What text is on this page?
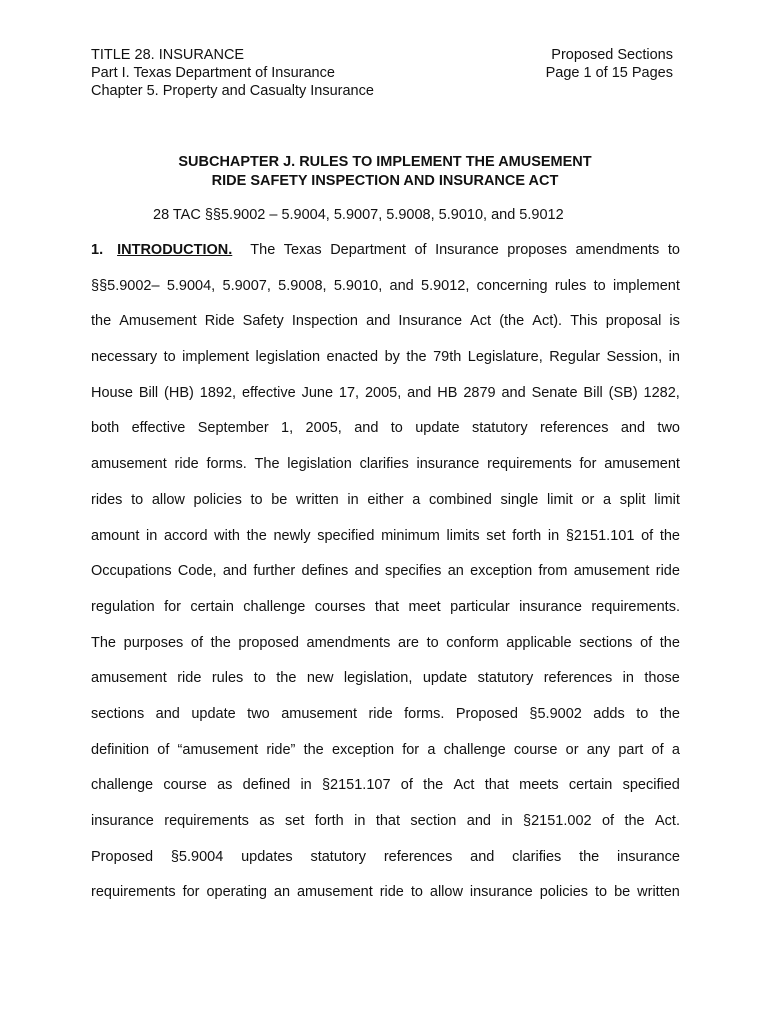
TITLE 28. INSURANCE
Part I. Texas Department of Insurance
Chapter 5. Property and Casualty Insurance
Proposed Sections
Page 1 of 15 Pages
SUBCHAPTER J. RULES TO IMPLEMENT THE AMUSEMENT
RIDE SAFETY INSPECTION AND INSURANCE ACT
28 TAC §§5.9002 – 5.9004, 5.9007, 5.9008, 5.9010, and 5.9012
1. INTRODUCTION. The Texas Department of Insurance proposes amendments to
§§5.9002– 5.9004, 5.9007, 5.9008, 5.9010, and 5.9012, concerning rules to implement
the Amusement Ride Safety Inspection and Insurance Act (the Act). This proposal is
necessary to implement legislation enacted by the 79th Legislature, Regular Session, in
House Bill (HB) 1892, effective June 17, 2005, and HB 2879 and Senate Bill (SB) 1282,
both effective September 1, 2005, and to update statutory references and two
amusement ride forms. The legislation clarifies insurance requirements for amusement
rides to allow policies to be written in either a combined single limit or a split limit
amount in accord with the newly specified minimum limits set forth in §2151.101 of the
Occupations Code, and further defines and specifies an exception from amusement ride
regulation for certain challenge courses that meet particular insurance requirements.
The purposes of the proposed amendments are to conform applicable sections of the
amusement ride rules to the new legislation, update statutory references in those
sections and update two amusement ride forms. Proposed §5.9002 adds to the
definition of “amusement ride” the exception for a challenge course or any part of a
challenge course as defined in §2151.107 of the Act that meets certain specified
insurance requirements as set forth in that section and in §2151.002 of the Act.
Proposed §5.9004 updates statutory references and clarifies the insurance
requirements for operating an amusement ride to allow insurance policies to be written
